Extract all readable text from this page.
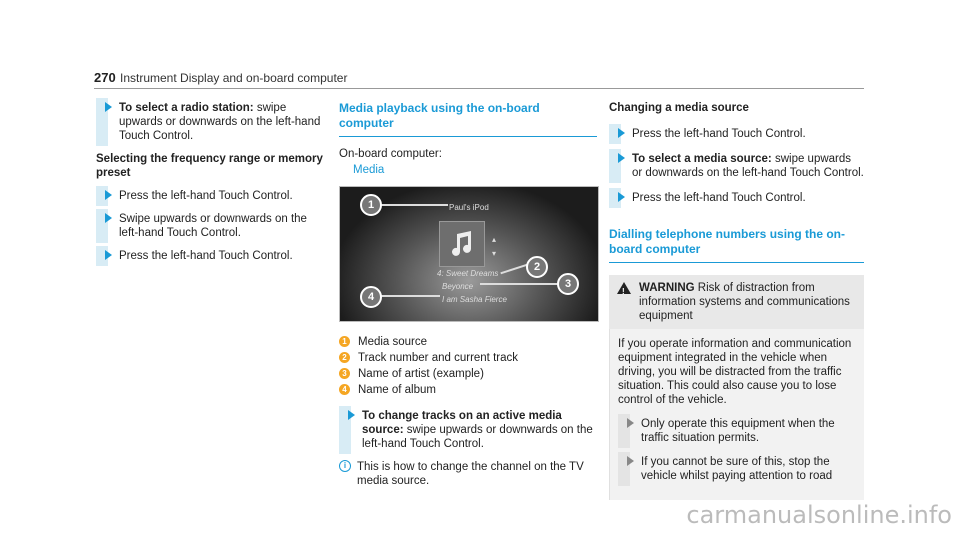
270 Instrument Display and on-board computer
To select a radio station: swipe upwards or downwards on the left-hand Touch Control.
Selecting the frequency range or memory preset
Press the left-hand Touch Control.
Swipe upwards or downwards on the left-hand Touch Control.
Press the left-hand Touch Control.
Media playback using the on-board computer
On-board computer:
Media
Paul's iPod
▴
▾
4: Sweet Dreams
Beyonce
I am Sasha Fierce
1
2
3
4
1 Media source
2 Track number and current track
3 Name of artist (example)
4 Name of album
To change tracks on an active media source: swipe upwards or downwards on the left-hand Touch Control.
i This is how to change the channel on the TV media source.
Changing a media source
Press the left-hand Touch Control.
To select a media source: swipe upwards or downwards on the left-hand Touch Control.
Press the left-hand Touch Control.
Dialling telephone numbers using the on-board computer
! WARNING Risk of distraction from information systems and communications equipment
If you operate information and communication equipment integrated in the vehicle when driving, you will be distracted from the traffic situation. This could also cause you to lose control of the vehicle.
Only operate this equipment when the traffic situation permits.
If you cannot be sure of this, stop the vehicle whilst paying attention to road
carmanualsonline.info
